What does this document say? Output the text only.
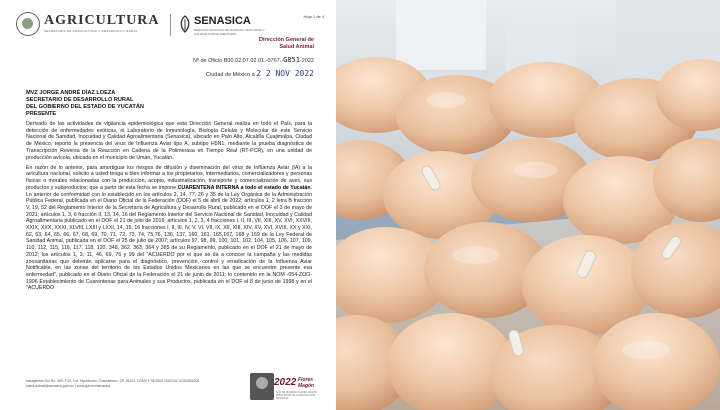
AGRICULTURA
SECRETARÍA DE AGRICULTURA Y DESARROLLO RURAL
SENASICA
SERVICIO NACIONAL DE SANIDAD, INOCUIDAD Y CALIDAD AGROALIMENTARIA
Hoja 1 de 4
Dirección General de
Salud Animal
Nº de Oficio B00.02.07.02.01.-0767.-G851-2022
Ciudad de México a 2 2 NOV 2022
MVZ JORGE ANDRÉ DÍAZ LOEZA
SECRETARIO DE DESARROLLO RURAL
DEL GOBIERNO DEL ESTADO DE YUCATÁN
PRESENTE

Derivado de las actividades de vigilancia epidemiológica que esta Dirección General realiza en todo el País, para la detección de enfermedades exóticas, el Laboratorio de Inmunología, Biología Celular y Molecular de este Servicio Nacional de Sanidad, Inocuidad y Calidad Agroalimentaria (Senasica), ubicado en Palo Alto, Alcaldía Cuajimalpa, Ciudad de México, reportó la presencia del virus de Influenza Aviar tipo A, subtipo H5N1, mediante la prueba diagnóstica de Transcripción Reversa de la Reacción en Cadena de la Polimerasa en Tiempo Real (RT-PCR), en una unidad de producción avícola, ubicada en el municipio de Umán, Yucatán.

En razón de lo anterior, para amortiguar los riesgos de difusión y diseminación del virus de Influenza Aviar (IA) a la avicultura nacional, solicito a usted tenga a bien informar a los propietarios, intermediarios, comercializadores y personas físicas o morales relacionadas con la producción, acopio, industrialización, transporte y comercialización de aves, sus productos y subproductos; que a partir de esta fecha se impone CUARENTENA INTERNA a todo el estado de Yucatán. Lo anterior de conformidad con lo establecido en los artículos 2, 14, 77, 26 y 35 de la Ley Orgánica de la Administración Pública Federal, publicada en el Diario Oficial de la Federación (DOF) el 5 de abril de 2022; artículos 1, 2 letra B fracción V, 19, 52 del Reglamento Interior de la Secretaría de Agricultura y Desarrollo Rural, publicado en el DOF el 3 de mayo de 2021; artículos 1, 3, 6 fracción II, 13, 14, 16 del Reglamento Interior del Servicio Nacional de Sanidad, Inocuidad y Calidad Agroalimentaria publicado en el DOF el 21 de julio de 2016; artículos 1, 2, 3, 4 fracciones I, II, III, VII, XIII, XV, XVI, XXVIII, XXIX, XXX, XXXI, XLVIII, LXIII y LXXI, 14, 15, 16 fracciones I, II, III, IV, V, VI, VII, IX, XII, XIII, XIV, XV, XVI, XVIII, XX y XXI, 62, 63, 64, 65, 66, 67, 68, 69, 70, 71, 72, 73, 74, 75,76, 136, 137, 160, 161, 165,167, 168 y 169 de la Ley Federal de Sanidad Animal, publicada en el DOF el 25 de julio de 2007; artículos 97, 98, 99, 100, 101, 102, 104, 105, 106, 107, 109, 110, 112, 115, 116, 117, 118, 120, 348, 362, 363, 364 y 365 de su Reglamento, publicado en el DOF el 21 de mayo de 2012; los artículos 1, 3, 11, 46, 69, 76 y 99 del "ACUERDO por el que se da a conocer la campaña y las medidas zoosanitarias que deberán aplicarse para el diagnóstico, prevención, control y erradicación de la Influenza Aviar Notificable, en las zonas del territorio de los Estados Unidos Mexicanos en las que se encuentre presente esa enfermedad", publicado en el Diario Oficial de la Federación el 21 de junio de 2011; lo contenido en la NOM -054-ZOO-1996 Establecimiento de Cuarentenas para Animales y sus Productos, publicada en el DOF el 8 de junio de 1998 y en el "ACUERDO

Insurgentes Sur No. 489, P.10, Col. Hipódromo, Cuauhtémoc, CP. 06100, CDMX t: 55 5905 1000 Ext. 51004/51005 salud.animal@senasica.gob.mx | www.gob.mx/senasica	2022 Flores
Magón
AÑO DE RICARDO FLORES MAGÓN PRECURSOR DE LA REVOLUCIÓN MEXICANA
